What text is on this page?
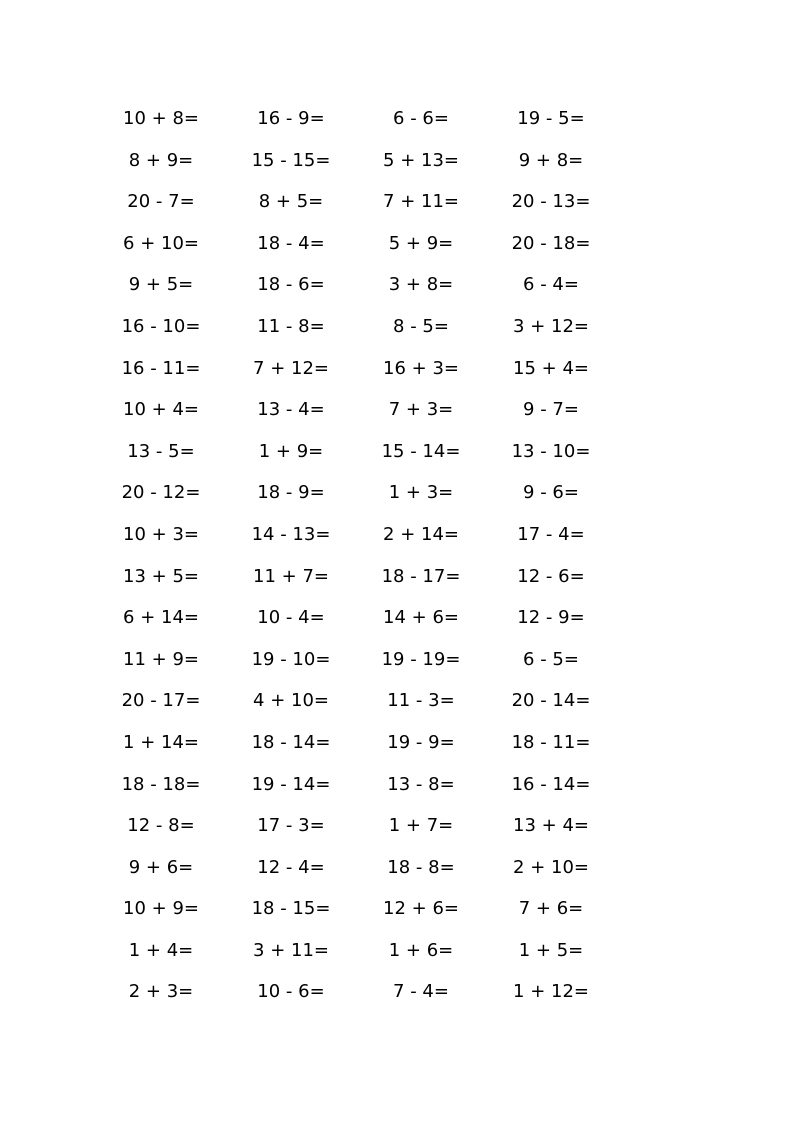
10 + 8=	16 - 9=	6 - 6=	19 - 5=
8 + 9=	15 - 15=	5 + 13=	9 + 8=
20 - 7=	8 + 5=	7 + 11=	20 - 13=
6 + 10=	18 - 4=	5 + 9=	20 - 18=
9 + 5=	18 - 6=	3 + 8=	6 - 4=
16 - 10=	11 - 8=	8 - 5=	3 + 12=
16 - 11=	7 + 12=	16 + 3=	15 + 4=
10 + 4=	13 - 4=	7 + 3=	9 - 7=
13 - 5=	1 + 9=	15 - 14=	13 - 10=
20 - 12=	18 - 9=	1 + 3=	9 - 6=
10 + 3=	14 - 13=	2 + 14=	17 - 4=
13 + 5=	11 + 7=	18 - 17=	12 - 6=
6 + 14=	10 - 4=	14 + 6=	12 - 9=
11 + 9=	19 - 10=	19 - 19=	6 - 5=
20 - 17=	4 + 10=	11 - 3=	20 - 14=
1 + 14=	18 - 14=	19 - 9=	18 - 11=
18 - 18=	19 - 14=	13 - 8=	16 - 14=
12 - 8=	17 - 3=	1 + 7=	13 + 4=
9 + 6=	12 - 4=	18 - 8=	2 + 10=
10 + 9=	18 - 15=	12 + 6=	7 + 6=
1 + 4=	3 + 11=	1 + 6=	1 + 5=
2 + 3=	10 - 6=	7 - 4=	1 + 12=
